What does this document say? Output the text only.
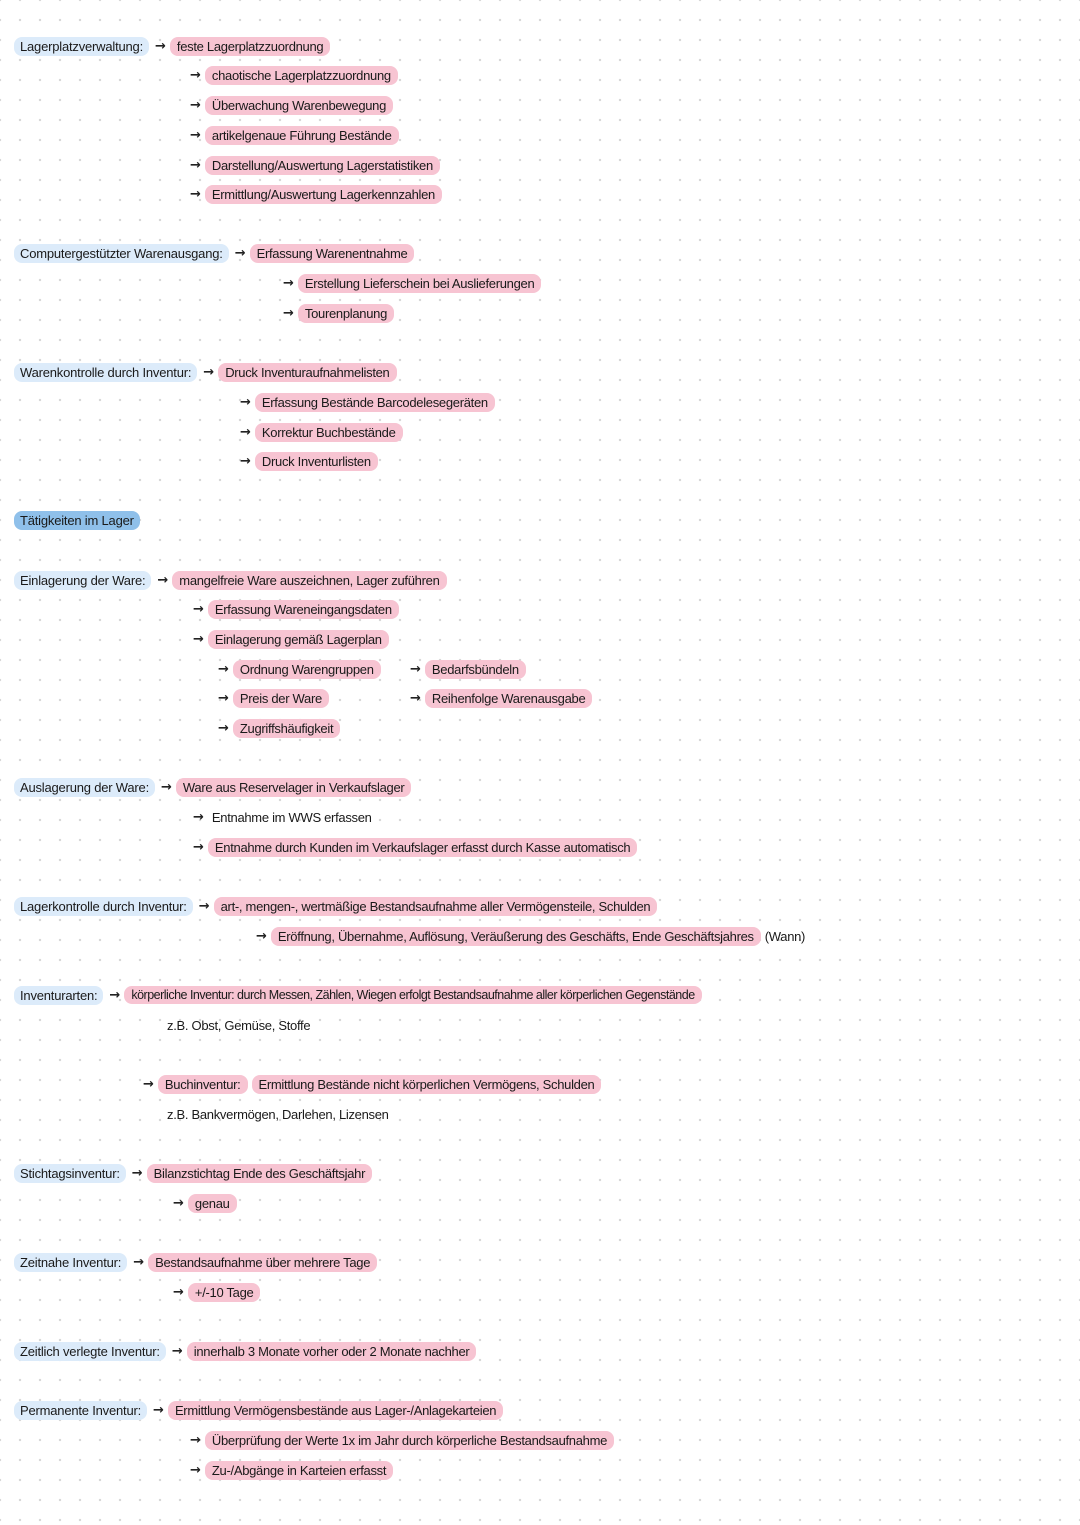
Lagerplatzverwaltung: → feste Lagerplatzzuordnung
→ chaotische Lagerplatzzuordnung
→ Überwachung Warenbewegung
→ artikelgenaue Führung Bestände
→ Darstellung/Auswertung Lagerstatistiken
→ Ermittlung/Auswertung Lagerkennzahlen
Computergestützter Warenausgang: → Erfassung Warenentnahme
→ Erstellung Lieferschein bei Auslieferungen
→ Tourenplanung
Warenkontrolle durch Inventur: → Druck Inventuraufnahmelisten
→ Erfassung Bestände Barcodelesegeräten
→ Korrektur Buchbestände
→ Druck Inventurlisten
Tätigkeiten im Lager
Einlagerung der Ware: → mangelfreie Ware auszeichnen, Lager zuführen
→ Erfassung Wareneingangsdaten
→ Einlagerung gemäß Lagerplan
→ Ordnung Warengruppen	→ Bedarfsbündeln
→ Preis der Ware	→ Reihenfolge Warenausgabe
→ Zugriffshäufigkeit
Auslagerung der Ware: → Ware aus Reservelager in Verkaufslager
→ Entnahme im WWS erfassen
→ Entnahme durch Kunden im Verkaufslager erfasst durch Kasse automatisch
Lagerkontrolle durch Inventur: → art-, mengen-, wertmäßige Bestandsaufnahme aller Vermögensteile, Schulden
→ Eröffnung, Übernahme, Auflösung, Veräußerung des Geschäfts, Ende Geschäftsjahres (Wann)
Inventurarten: → körperliche Inventur: durch Messen, Zählen, Wiegen erfolgt Bestandsaufnahme aller körperlichen Gegenstände
z.B. Obst, Gemüse, Stoffe
→ Buchinventur:	Ermittlung Bestände nicht körperlichen Vermögens, Schulden
z.B. Bankvermögen, Darlehen, Lizensen
Stichtagsinventur: → Bilanzstichtag Ende des Geschäftsjahr
→ genau
Zeitnahe Inventur: → Bestandsaufnahme über mehrere Tage
→ +/-10 Tage
Zeitlich verlegte Inventur: → innerhalb 3 Monate vorher oder 2 Monate nachher
Permanente Inventur: → Ermittlung Vermögensbestände aus Lager-/Anlagekarteien
→ Überprüfung der Werte 1x im Jahr durch körperliche Bestandsaufnahme
→ Zu-/Abgänge in Karteien erfasst
